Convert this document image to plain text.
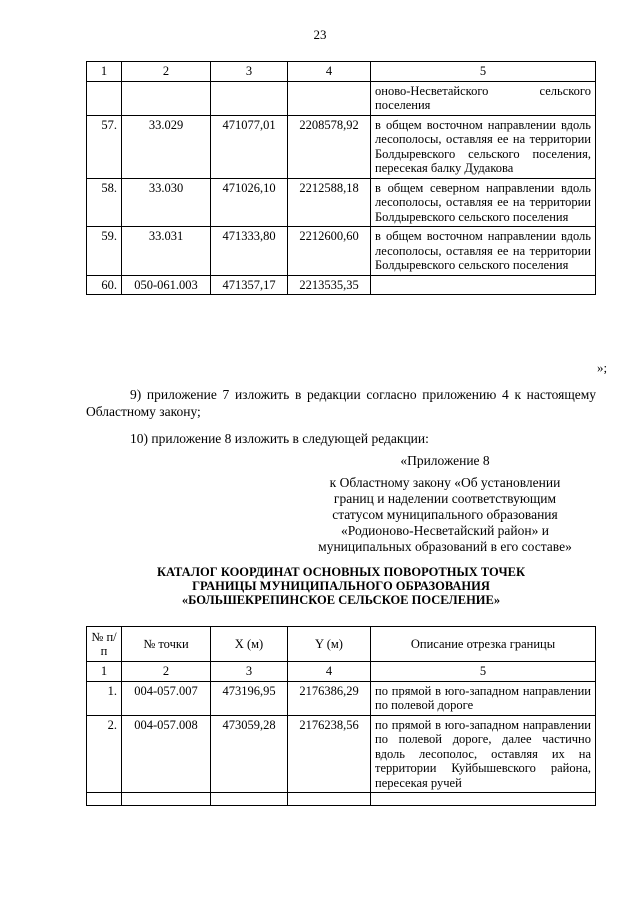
23
1	2	3	4	5
				оново-Несветайского сельского поселения
57.	33.029	471077,01	2208578,92	в общем восточном направлении вдоль лесополосы, оставляя ее на территории Болдыревского сельского поселения, пересекая балку Дудакова
58.	33.030	471026,10	2212588,18	в общем северном направлении вдоль лесополосы, оставляя ее на территории Болдыревского сельского поселения
59.	33.031	471333,80	2212600,60	в общем восточном направлении вдоль лесополосы, оставляя ее на территории Болдыревского сельского поселения
60.	050-061.003	471357,17	2213535,35	
»;
9) приложение 7 изложить в редакции согласно приложению 4 к настоящему Областному закону;
10) приложение 8 изложить в следующей редакции:
«Приложение 8
к Областному закону «Об установлении
границ и наделении соответствующим
статусом муниципального образования
«Родионово-Несветайский район» и
муниципальных образований в его составе»
КАТАЛОГ КООРДИНАТ ОСНОВНЫХ ПОВОРОТНЫХ ТОЧЕК
ГРАНИЦЫ МУНИЦИПАЛЬНОГО ОБРАЗОВАНИЯ
«БОЛЬШЕКРЕПИНСКОЕ СЕЛЬСКОЕ ПОСЕЛЕНИЕ»
№ п/п	№ точки	X (м)	Y (м)	Описание отрезка границы
1	2	3	4	5
1.	004-057.007	473196,95	2176386,29	по прямой в юго-западном направлении по полевой дороге
2.	004-057.008	473059,28	2176238,56	по прямой в юго-западном направлении по полевой дороге, далее частично вдоль лесополос, оставляя их на территории Куйбышевского района, пересекая ручей
